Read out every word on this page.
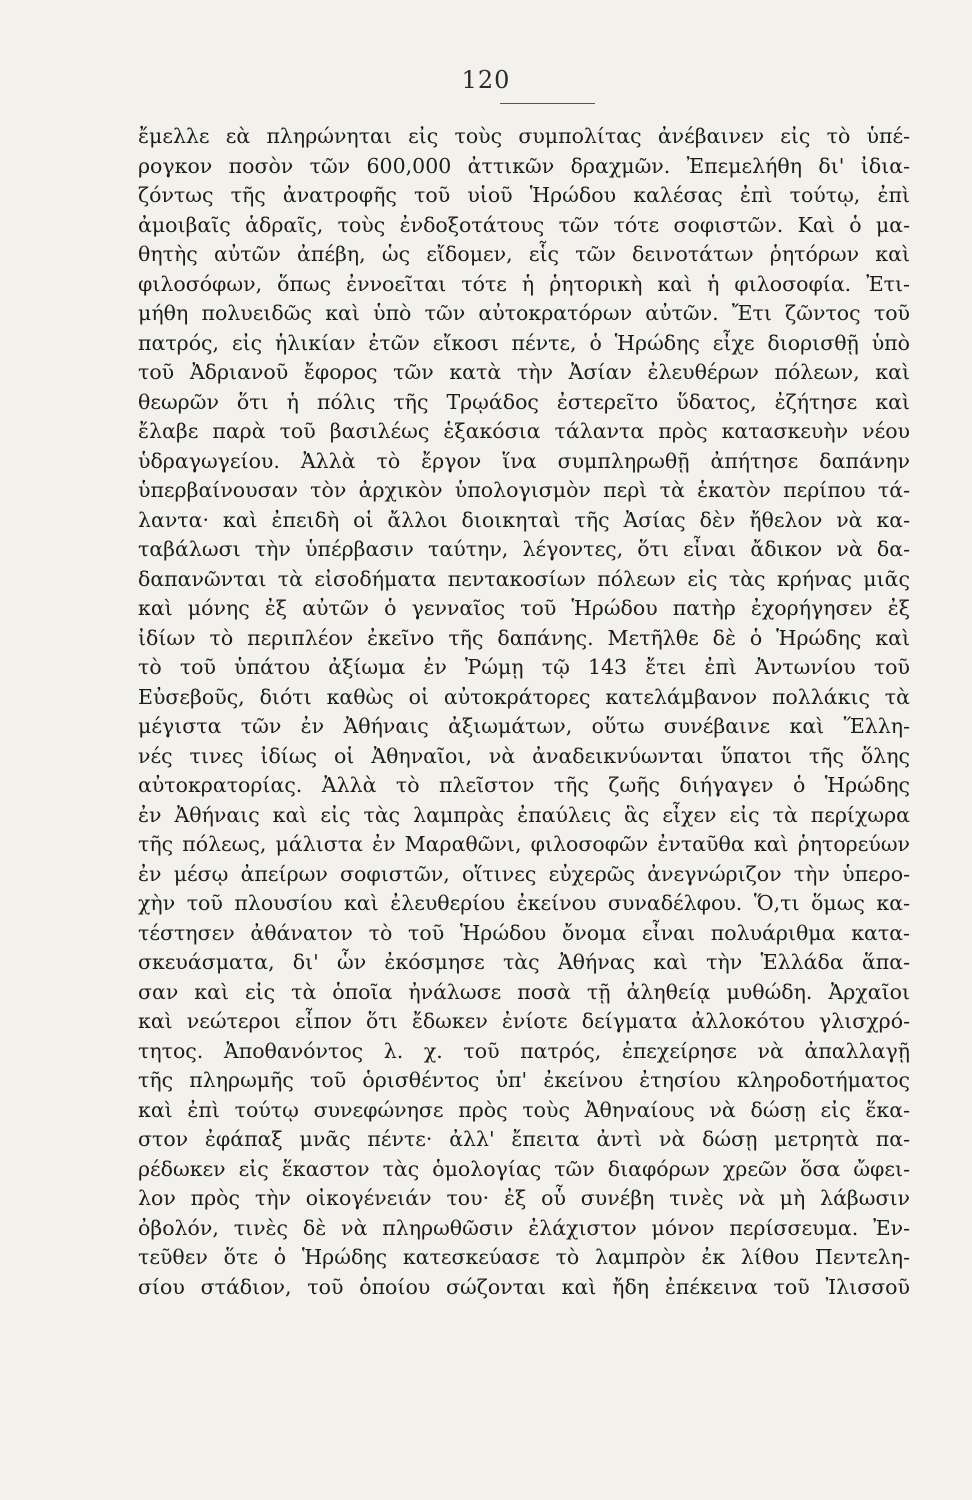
120
ἔμελλε εὰ πληρώνηται εἰς τοὺς συμπολίτας ἀνέβαινεν εἰς τὸ ὑπέ-
ρογκον ποσὸν τῶν 600,000 ἀττικῶν δραχμῶν. Ἐπεμελήθη δι' ἰδια-
ζόντως τῆς ἀνατροφῆς τοῦ υἱοῦ Ἡρώδου καλέσας ἐπὶ τούτῳ, ἐπὶ
ἀμοιβαῖς ἁδραῖς, τοὺς ἐνδοξοτάτους τῶν τότε σοφιστῶν. Καὶ ὁ μα-
θητὴς αὐτῶν ἀπέβη, ὡς εἴδομεν, εἷς τῶν δεινοτάτων ῥητόρων καὶ
φιλοσόφων, ὅπως ἐννοεῖται τότε ἡ ῥητορικὴ καὶ ἡ φιλοσοφία. Ἐτι-
μήθη πολυειδῶς καὶ ὑπὸ τῶν αὐτοκρατόρων αὐτῶν. Ἔτι ζῶντος τοῦ
πατρός, εἰς ἡλικίαν ἐτῶν εἴκοσι πέντε, ὁ Ἡρώδης εἶχε διορισθῇ ὑπὸ
τοῦ Ἀδριανοῦ ἔφορος τῶν κατὰ τὴν Ἀσίαν ἐλευθέρων πόλεων, καὶ
θεωρῶν ὅτι ἡ πόλις τῆς Τρῳάδος ἐστερεῖτο ὕδατος, ἐζήτησε καὶ
ἔλαβε παρὰ τοῦ βασιλέως ἑξακόσια τάλαντα πρὸς κατασκευὴν νέου
ὑδραγωγείου. Ἀλλὰ τὸ ἔργον ἵνα συμπληρωθῇ ἀπήτησε δαπάνην
ὑπερβαίνουσαν τὸν ἀρχικὸν ὑπολογισμὸν περὶ τὰ ἑκατὸν περίπου τά-
λαντα· καὶ ἐπειδὴ οἱ ἄλλοι διοικηταὶ τῆς Ἀσίας δὲν ἤθελον νὰ κα-
ταβάλωσι τὴν ὑπέρβασιν ταύτην, λέγοντες, ὅτι εἶναι ἄδικον νὰ δα-
δαπανῶνται τὰ εἰσοδήματα πεντακοσίων πόλεων εἰς τὰς κρήνας μιᾶς
καὶ μόνης ἐξ αὐτῶν ὁ γενναῖος τοῦ Ἡρώδου πατὴρ ἐχορήγησεν ἐξ
ἰδίων τὸ περιπλέον ἐκεῖνο τῆς δαπάνης. Μετῆλθε δὲ ὁ Ἡρώδης καὶ
τὸ τοῦ ὑπάτου ἀξίωμα ἐν Ῥώμῃ τῷ 143 ἔτει ἐπὶ Ἀντωνίου τοῦ
Εὐσεβοῦς, διότι καθὼς οἱ αὐτοκράτορες κατελάμβανον πολλάκις τὰ
μέγιστα τῶν ἐν Ἀθήναις ἀξιωμάτων, οὕτω συνέβαινε καὶ Ἕλλη-
νές τινες ἰδίως οἱ Ἀθηναῖοι, νὰ ἀναδεικνύωνται ὕπατοι τῆς ὅλης
αὐτοκρατορίας. Ἀλλὰ τὸ πλεῖστον τῆς ζωῆς διήγαγεν ὁ Ἡρώδης
ἐν Ἀθήναις καὶ εἰς τὰς λαμπρὰς ἐπαύλεις ἃς εἶχεν εἰς τὰ περίχωρα
τῆς πόλεως, μάλιστα ἐν Μαραθῶνι, φιλοσοφῶν ἐνταῦθα καὶ ῥητορεύων
ἐν μέσῳ ἀπείρων σοφιστῶν, οἵτινες εὐχερῶς ἀνεγνώριζον τὴν ὑπερο-
χὴν τοῦ πλουσίου καὶ ἐλευθερίου ἐκείνου συναδέλφου. Ὅ,τι ὅμως κα-
τέστησεν ἀθάνατον τὸ τοῦ Ἡρώδου ὄνομα εἶναι πολυάριθμα κατα-
σκευάσματα, δι' ὧν ἐκόσμησε τὰς Ἀθήνας καὶ τὴν Ἑλλάδα ἅπα-
σαν καὶ εἰς τὰ ὁποῖα ἠνάλωσε ποσὰ τῇ ἀληθείᾳ μυθώδη. Ἀρχαῖοι
καὶ νεώτεροι εἶπον ὅτι ἔδωκεν ἐνίοτε δείγματα ἀλλοκότου γλισχρό-
τητος. Ἀποθανόντος λ. χ. τοῦ πατρός, ἐπεχείρησε νὰ ἀπαλλαγῇ
τῆς πληρωμῆς τοῦ ὁρισθέντος ὑπ' ἐκείνου ἐτησίου κληροδοτήματος
καὶ ἐπὶ τούτῳ συνεφώνησε πρὸς τοὺς Ἀθηναίους νὰ δώσῃ εἰς ἕκα-
στον ἐφάπαξ μνᾶς πέντε· ἀλλ' ἔπειτα ἀντὶ νὰ δώσῃ μετρητὰ πα-
ρέδωκεν εἰς ἕκαστον τὰς ὁμολογίας τῶν διαφόρων χρεῶν ὅσα ὤφει-
λον πρὸς τὴν οἰκογένειάν του· ἐξ οὗ συνέβη τινὲς νὰ μὴ λάβωσιν
ὀβολόν, τινὲς δὲ νὰ πληρωθῶσιν ἐλάχιστον μόνον περίσσευμα. Ἐν-
τεῦθεν ὅτε ὁ Ἡρώδης κατεσκεύασε τὸ λαμπρὸν ἐκ λίθου Πεντελη-
σίου στάδιον, τοῦ ὁποίου σώζονται καὶ ἤδη ἐπέκεινα τοῦ Ἰλισσοῦ
